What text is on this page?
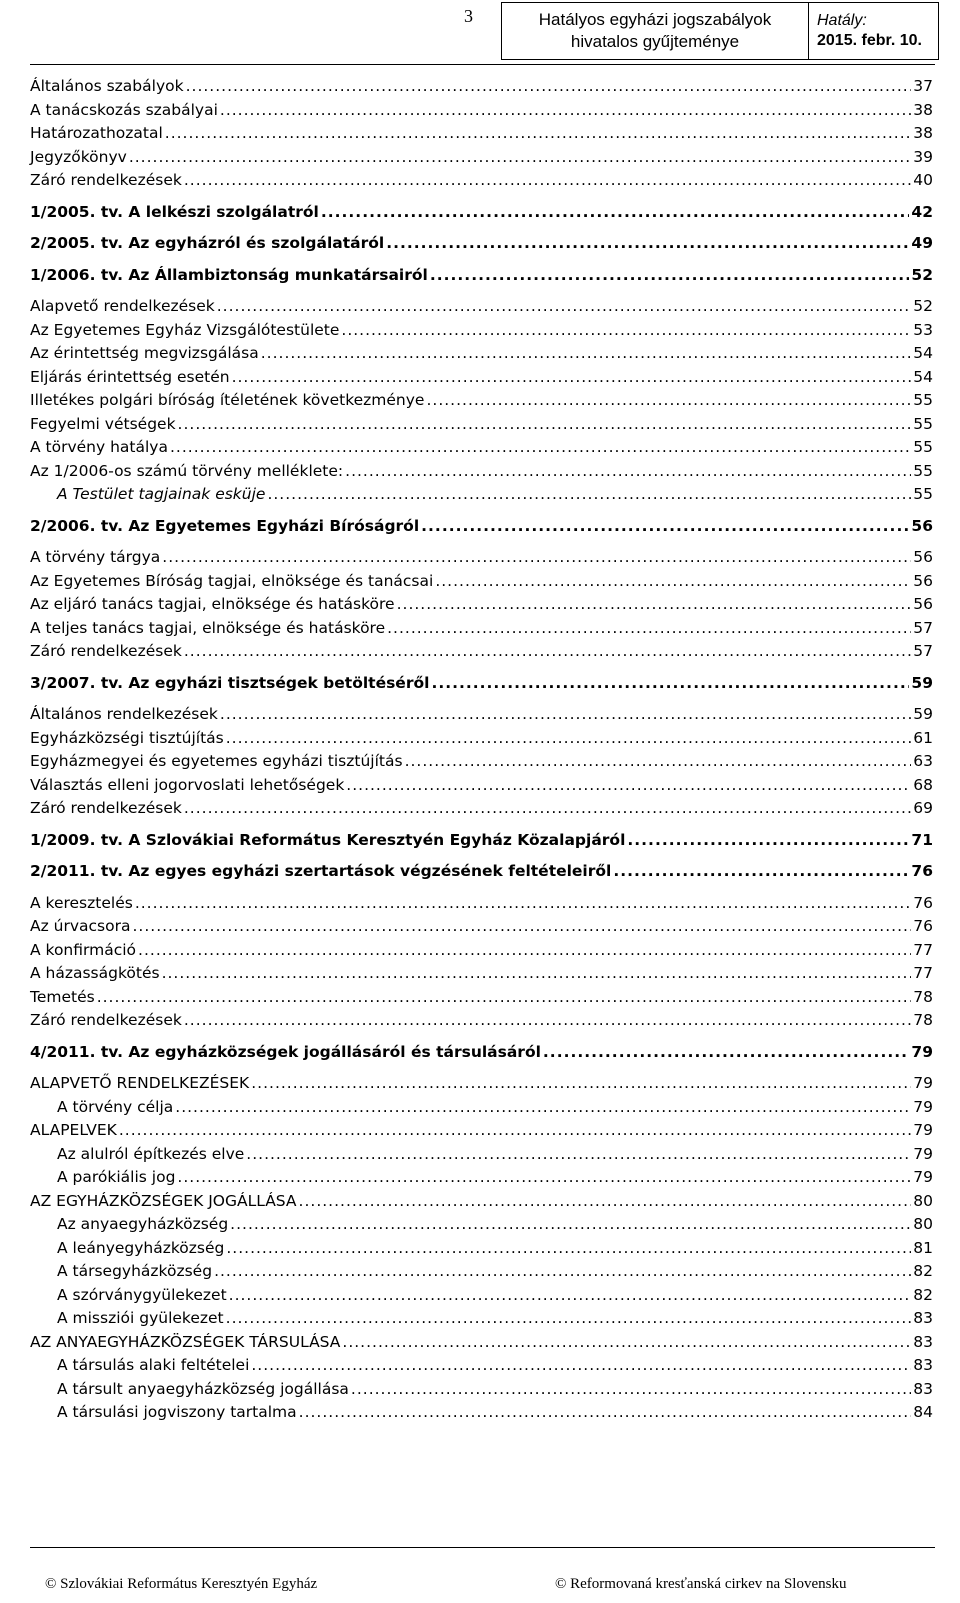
3	Hatályos egyházi jogszabályok
hivatalos gyűjteménye
Hatály:
2015. febr. 10.
Általános szabályok .....	37
A tanácskozás szabályai .....	38
Határozathozatal .....	38
Jegyzőkönyv .....	39
Záró rendelkezések .....	40
1/2005. tv. A lelkészi szolgálatról .....	42
2/2005. tv. Az egyházról és szolgálatáról .....	49
1/2006. tv. Az Állambiztonság munkatársairól .....	52
Alapvető rendelkezések .....	52
Az Egyetemes Egyház Vizsgálótestülete .....	53
Az érintettség megvizsgálása .....	54
Eljárás érintettség esetén .....	54
Illetékes polgári bíróság ítéletének következménye .....	55
Fegyelmi vétségek .....	55
A törvény hatálya .....	55
Az 1/2006-os számú törvény melléklete: .....	55
A Testület tagjainak esküje .....	55
2/2006. tv. Az Egyetemes Egyházi Bíróságról .....	56
A törvény tárgya .....	56
Az Egyetemes Bíróság tagjai, elnöksége és tanácsai .....	56
Az eljáró tanács tagjai, elnöksége és hatásköre .....	56
A teljes tanács tagjai, elnöksége és hatásköre .....	57
Záró rendelkezések .....	57
3/2007. tv. Az egyházi tisztségek betöltéséről .....	59
Általános rendelkezések .....	59
Egyházközségi tisztújítás .....	61
Egyházmegyei és egyetemes egyházi tisztújítás .....	63
Választás elleni jogorvoslati lehetőségek .....	68
Záró rendelkezések .....	69
1/2009. tv. A Szlovákiai Református Keresztyén Egyház Közalapjáról .....	71
2/2011. tv. Az egyes egyházi szertartások végzésének feltételeiről .....	76
A keresztelés .....	76
Az úrvacsora .....	76
A konfirmáció .....	77
A házasságkötés .....	77
Temetés .....	78
Záró rendelkezések .....	78
4/2011. tv. Az egyházközségek jogállásáról és társulásáról .....	79
ALAPVETŐ RENDELKEZÉSEK .....	79
A törvény célja .....	79
ALAPELVEK .....	79
Az alulról építkezés elve .....	79
A parókiális jog .....	79
AZ EGYHÁZKÖZSÉGEK JOGÁLLÁSA .....	80
Az anyaegyházközség .....	80
A leányegyházközség .....	81
A társegyházközség .....	82
A szórványgyülekezet .....	82
A missziói gyülekezet .....	83
AZ ANYAEGYHÁZKÖZSÉGEK TÁRSULÁSA .....	83
A társulás alaki feltételei .....	83
A társult anyaegyházközség jogállása .....	83
A társulási jogviszony tartalma .....	84
© Szlovákiai Református Keresztyén Egyház	© Reformovaná kresťanská cirkev na Slovensku
